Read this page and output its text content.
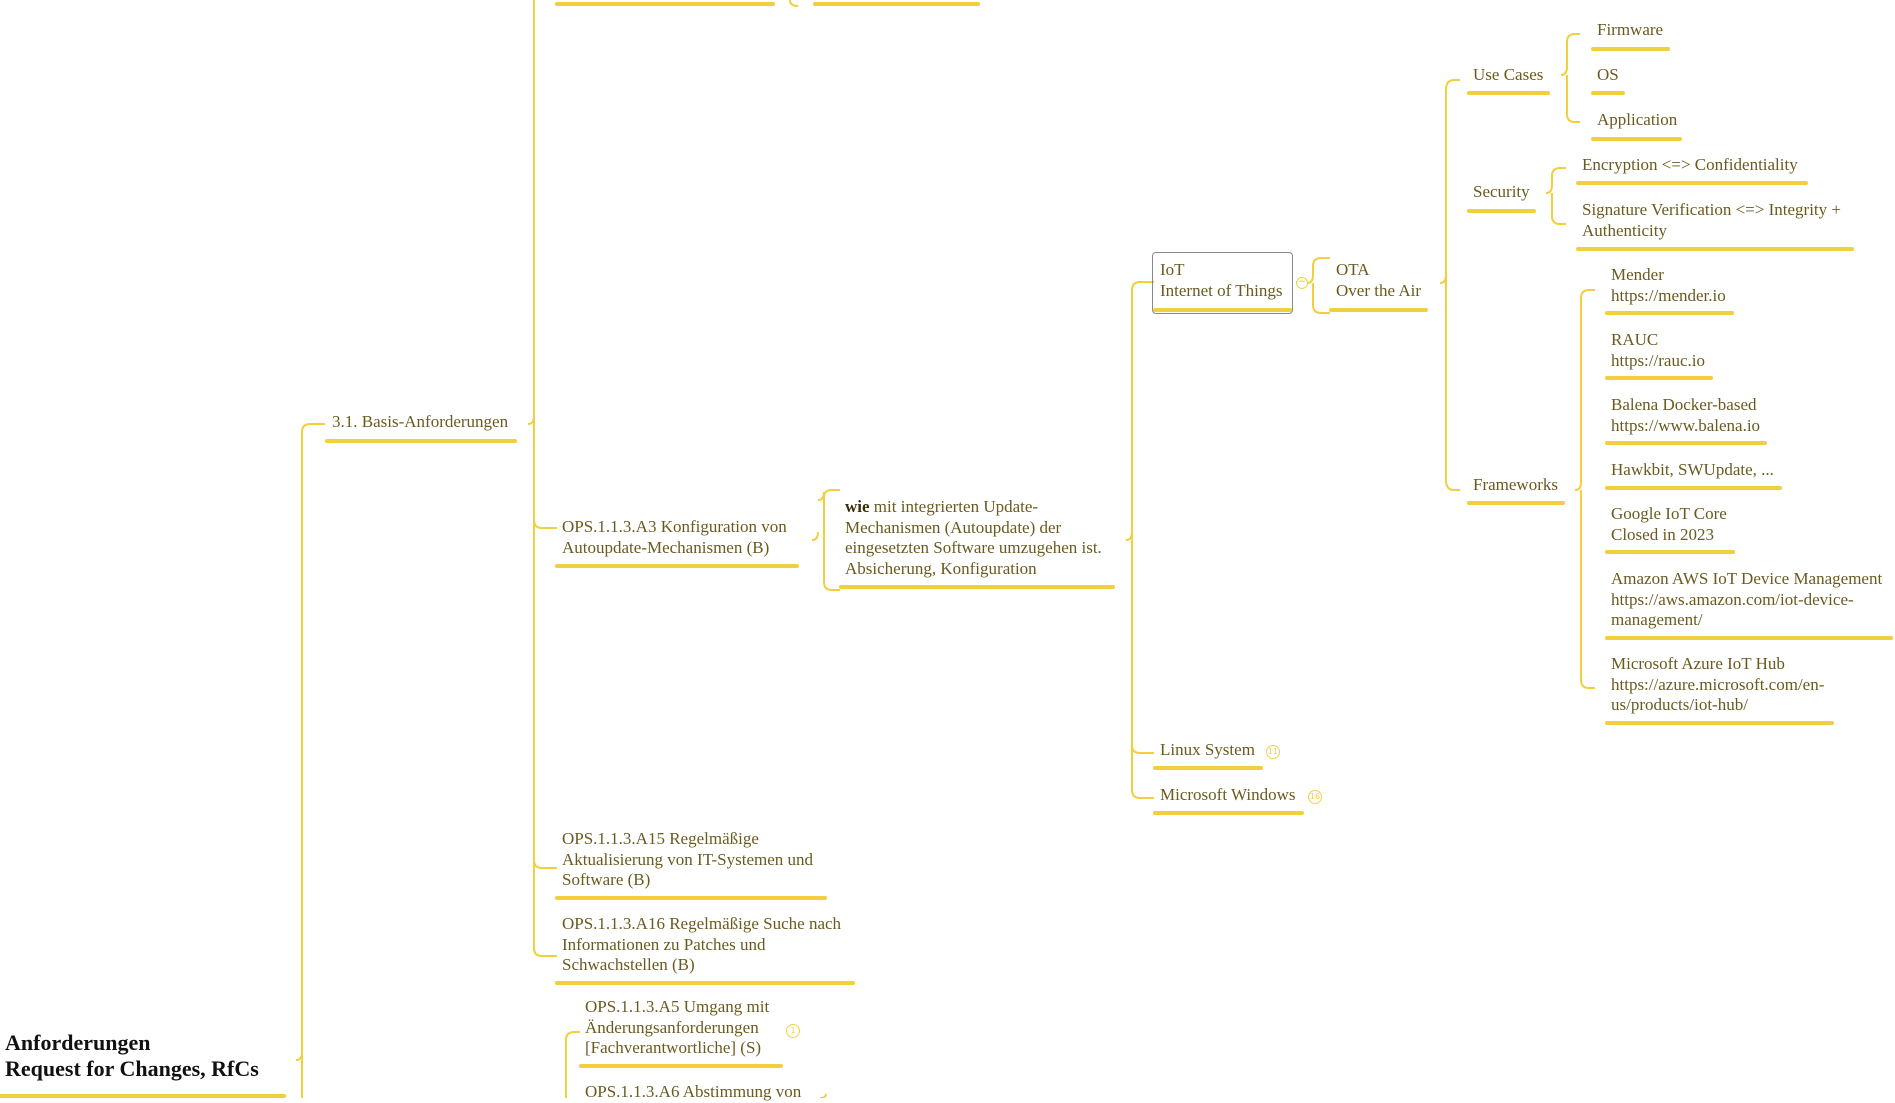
Anforderungen
Request for Changes, RfCs
3.1. Basis-Anforderungen
OPS.1.1.3.A3 Konfiguration von
Autoupdate-Mechanismen (B)
wie mit integrierten Update-
Mechanismen (Autoupdate) der
eingesetzten Software umzugehen ist.
Absicherung, Konfiguration
IoT
Internet of Things −
OTA
Over the Air
Use Cases
Firmware
OS
Application
Security
Encryption <=> Confidentiality
Signature Verification <=> Integrity +
Authenticity
Frameworks
Mender
https://mender.io
RAUC
https://rauc.io
Balena Docker-based
https://www.balena.io
Hawkbit, SWUpdate, ...
Google IoT Core
Closed in 2023
Amazon AWS IoT Device Management
https://aws.amazon.com/iot-device-
management/
Microsoft Azure IoT Hub
https://azure.microsoft.com/en-
us/products/iot-hub/
Linux System 11
Microsoft Windows 16
OPS.1.1.3.A15 Regelmäßige
Aktualisierung von IT-Systemen und
Software (B)
OPS.1.1.3.A16 Regelmäßige Suche nach
Informationen zu Patches und
Schwachstellen (B)
OPS.1.1.3.A5 Umgang mit
Änderungsanforderungen
[Fachverantwortliche] (S)
1
OPS.1.1.3.A6 Abstimmung von
